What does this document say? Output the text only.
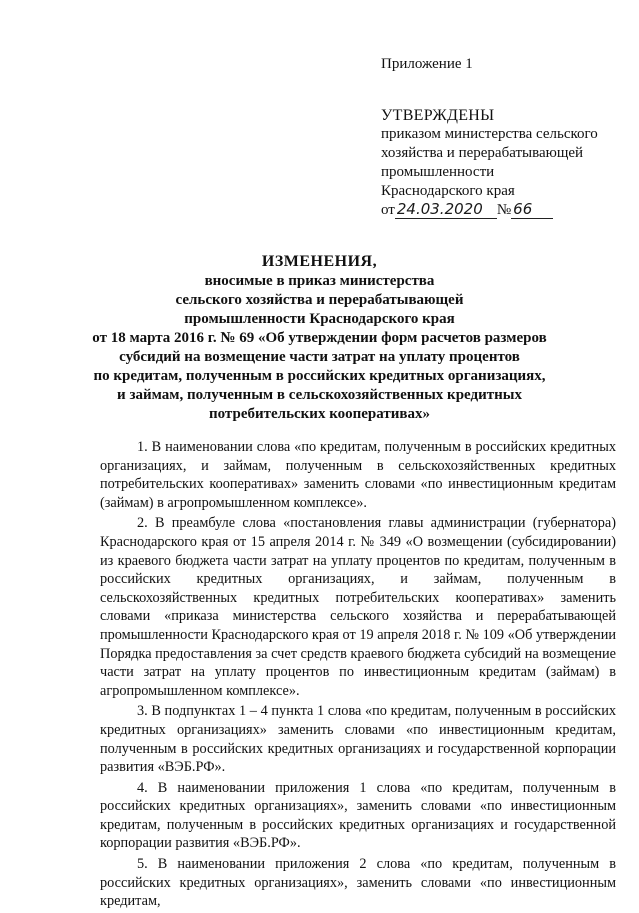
Приложение 1
УТВЕРЖДЕНЫ
приказом министерства сельского
хозяйства и перерабатывающей
промышленности
Краснодарского края
от 24.03.2020 № 66
ИЗМЕНЕНИЯ,
вносимые в приказ министерства
сельского хозяйства и перерабатывающей
промышленности Краснодарского края
от 18 марта 2016 г. № 69 «Об утверждении форм расчетов размеров
субсидий на возмещение части затрат на уплату процентов
по кредитам, полученным в российских кредитных организациях,
и займам, полученным в сельскохозяйственных кредитных
потребительских кооперативах»

1. В наименовании слова «по кредитам, полученным в российских кредитных организациях, и займам, полученным в сельскохозяйственных кредитных потребительских кооперативах» заменить словами «по инвестиционным кредитам (займам) в агропромышленном комплексе».

2. В преамбуле слова «постановления главы администрации (губернатора) Краснодарского края от 15 апреля 2014 г. № 349 «О возмещении (субсидировании) из краевого бюджета части затрат на уплату процентов по кредитам, полученным в российских кредитных организациях, и займам, полученным в сельскохозяйственных кредитных потребительских кооперативах» заменить словами «приказа министерства сельского хозяйства и перерабатывающей промышленности Краснодарского края от 19 апреля 2018 г. № 109 «Об утверждении Порядка предоставления за счет средств краевого бюджета субсидий на возмещение части затрат на уплату процентов по инвестиционным кредитам (займам) в агропромышленном комплексе».

3. В подпунктах 1 – 4 пункта 1 слова «по кредитам, полученным в российских кредитных организациях» заменить словами «по инвестиционным кредитам, полученным в российских кредитных организациях и государственной корпорации развития «ВЭБ.РФ».

4. В наименовании приложения 1 слова «по кредитам, полученным в российских кредитных организациях», заменить словами «по инвестиционным кредитам, полученным в российских кредитных организациях и государственной корпорации развития «ВЭБ.РФ».

5. В наименовании приложения 2 слова «по кредитам, полученным в российских кредитных организациях», заменить словами «по инвестиционным кредитам,
